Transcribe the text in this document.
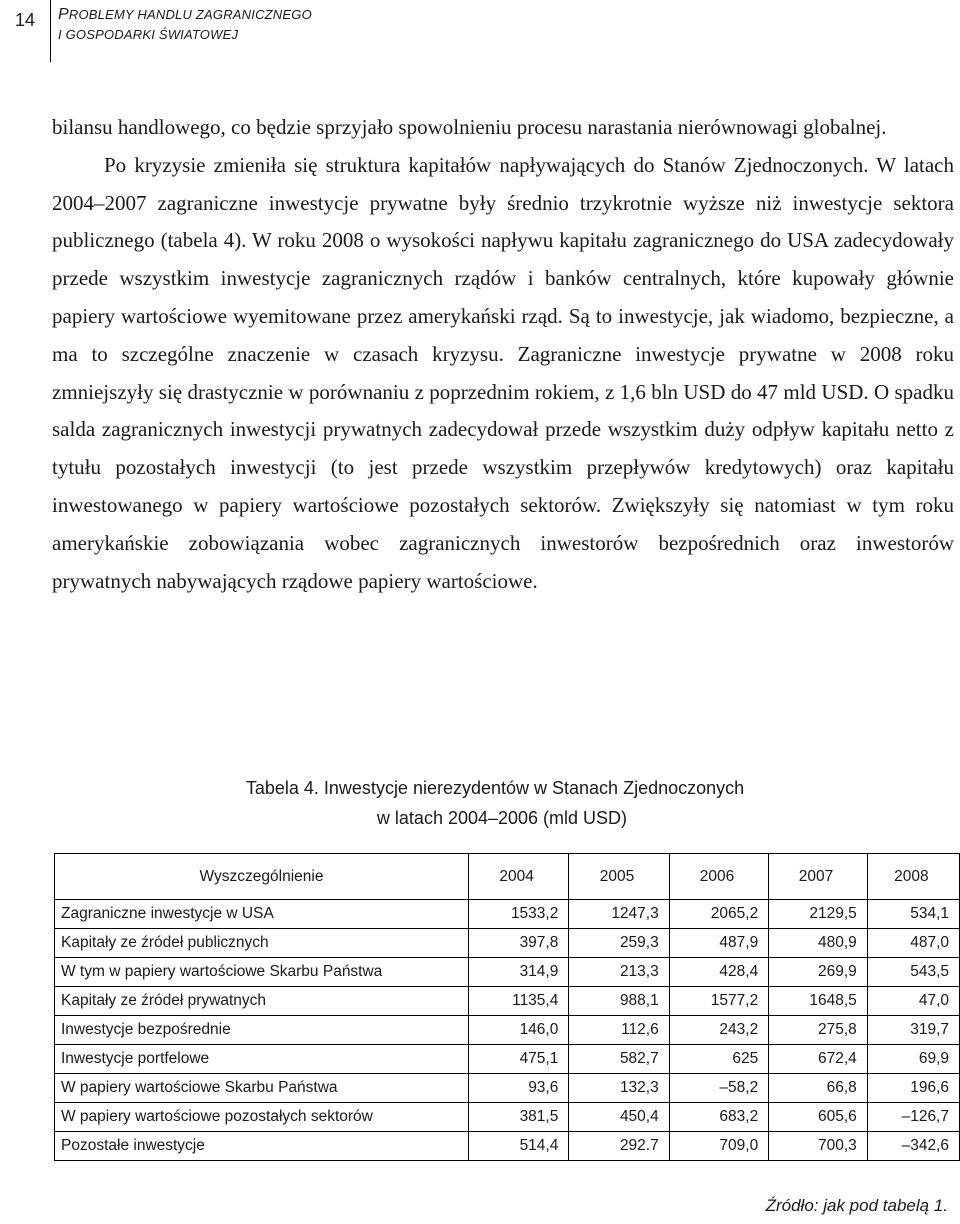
14	PROBLEMY HANDLU ZAGRANICZNEGO
I GOSPODARKI ŚWIATOWEJ

bilansu handlowego, co będzie sprzyjało spowolnieniu procesu narastania nierównowagi globalnej.

Po kryzysie zmieniła się struktura kapitałów napływających do Stanów Zjednoczonych. W latach 2004–2007 zagraniczne inwestycje prywatne były średnio trzykrotnie wyższe niż inwestycje sektora publicznego (tabela 4). W roku 2008 o wysokości napływu kapitału zagranicznego do USA zadecydowały przede wszystkim inwestycje zagranicznych rządów i banków centralnych, które kupowały głównie papiery wartościowe wyemitowane przez amerykański rząd. Są to inwestycje, jak wiadomo, bezpieczne, a ma to szczególne znaczenie w czasach kryzysu. Zagraniczne inwestycje prywatne w 2008 roku zmniejszyły się drastycznie w porównaniu z poprzednim rokiem, z 1,6 bln USD do 47 mld USD. O spadku salda zagranicznych inwestycji prywatnych zadecydował przede wszystkim duży odpływ kapitału netto z tytułu pozostałych inwestycji (to jest przede wszystkim przepływów kredytowych) oraz kapitału inwestowanego w papiery wartościowe pozostałych sektorów. Zwiększyły się natomiast w tym roku amerykańskie zobowiązania wobec zagranicznych inwestorów bezpośrednich oraz inwestorów prywatnych nabywających rządowe papiery wartościowe.

Tabela 4. Inwestycje nierezydentów w Stanach Zjednoczonych
w latach 2004–2006 (mld USD)
Wyszczególnienie	2004	2005	2006	2007	2008
Zagraniczne inwestycje w USA	1533,2	1247,3	2065,2	2129,5	534,1
Kapitały ze źródeł publicznych	397,8	259,3	487,9	480,9	487,0
W tym w papiery wartościowe Skarbu Państwa	314,9	213,3	428,4	269,9	543,5
Kapitały ze źródeł prywatnych	1135,4	988,1	1577,2	1648,5	47,0
Inwestycje bezpośrednie	146,0	112,6	243,2	275,8	319,7
Inwestycje portfelowe	475,1	582,7	625	672,4	69,9
W papiery wartościowe Skarbu Państwa	93,6	132,3	–58,2	66,8	196,6
W papiery wartościowe pozostałych sektorów	381,5	450,4	683,2	605,6	–126,7
Pozostałe inwestycje	514,4	292.7	709,0	700,3	–342,6
Źródło: jak pod tabelą 1.
